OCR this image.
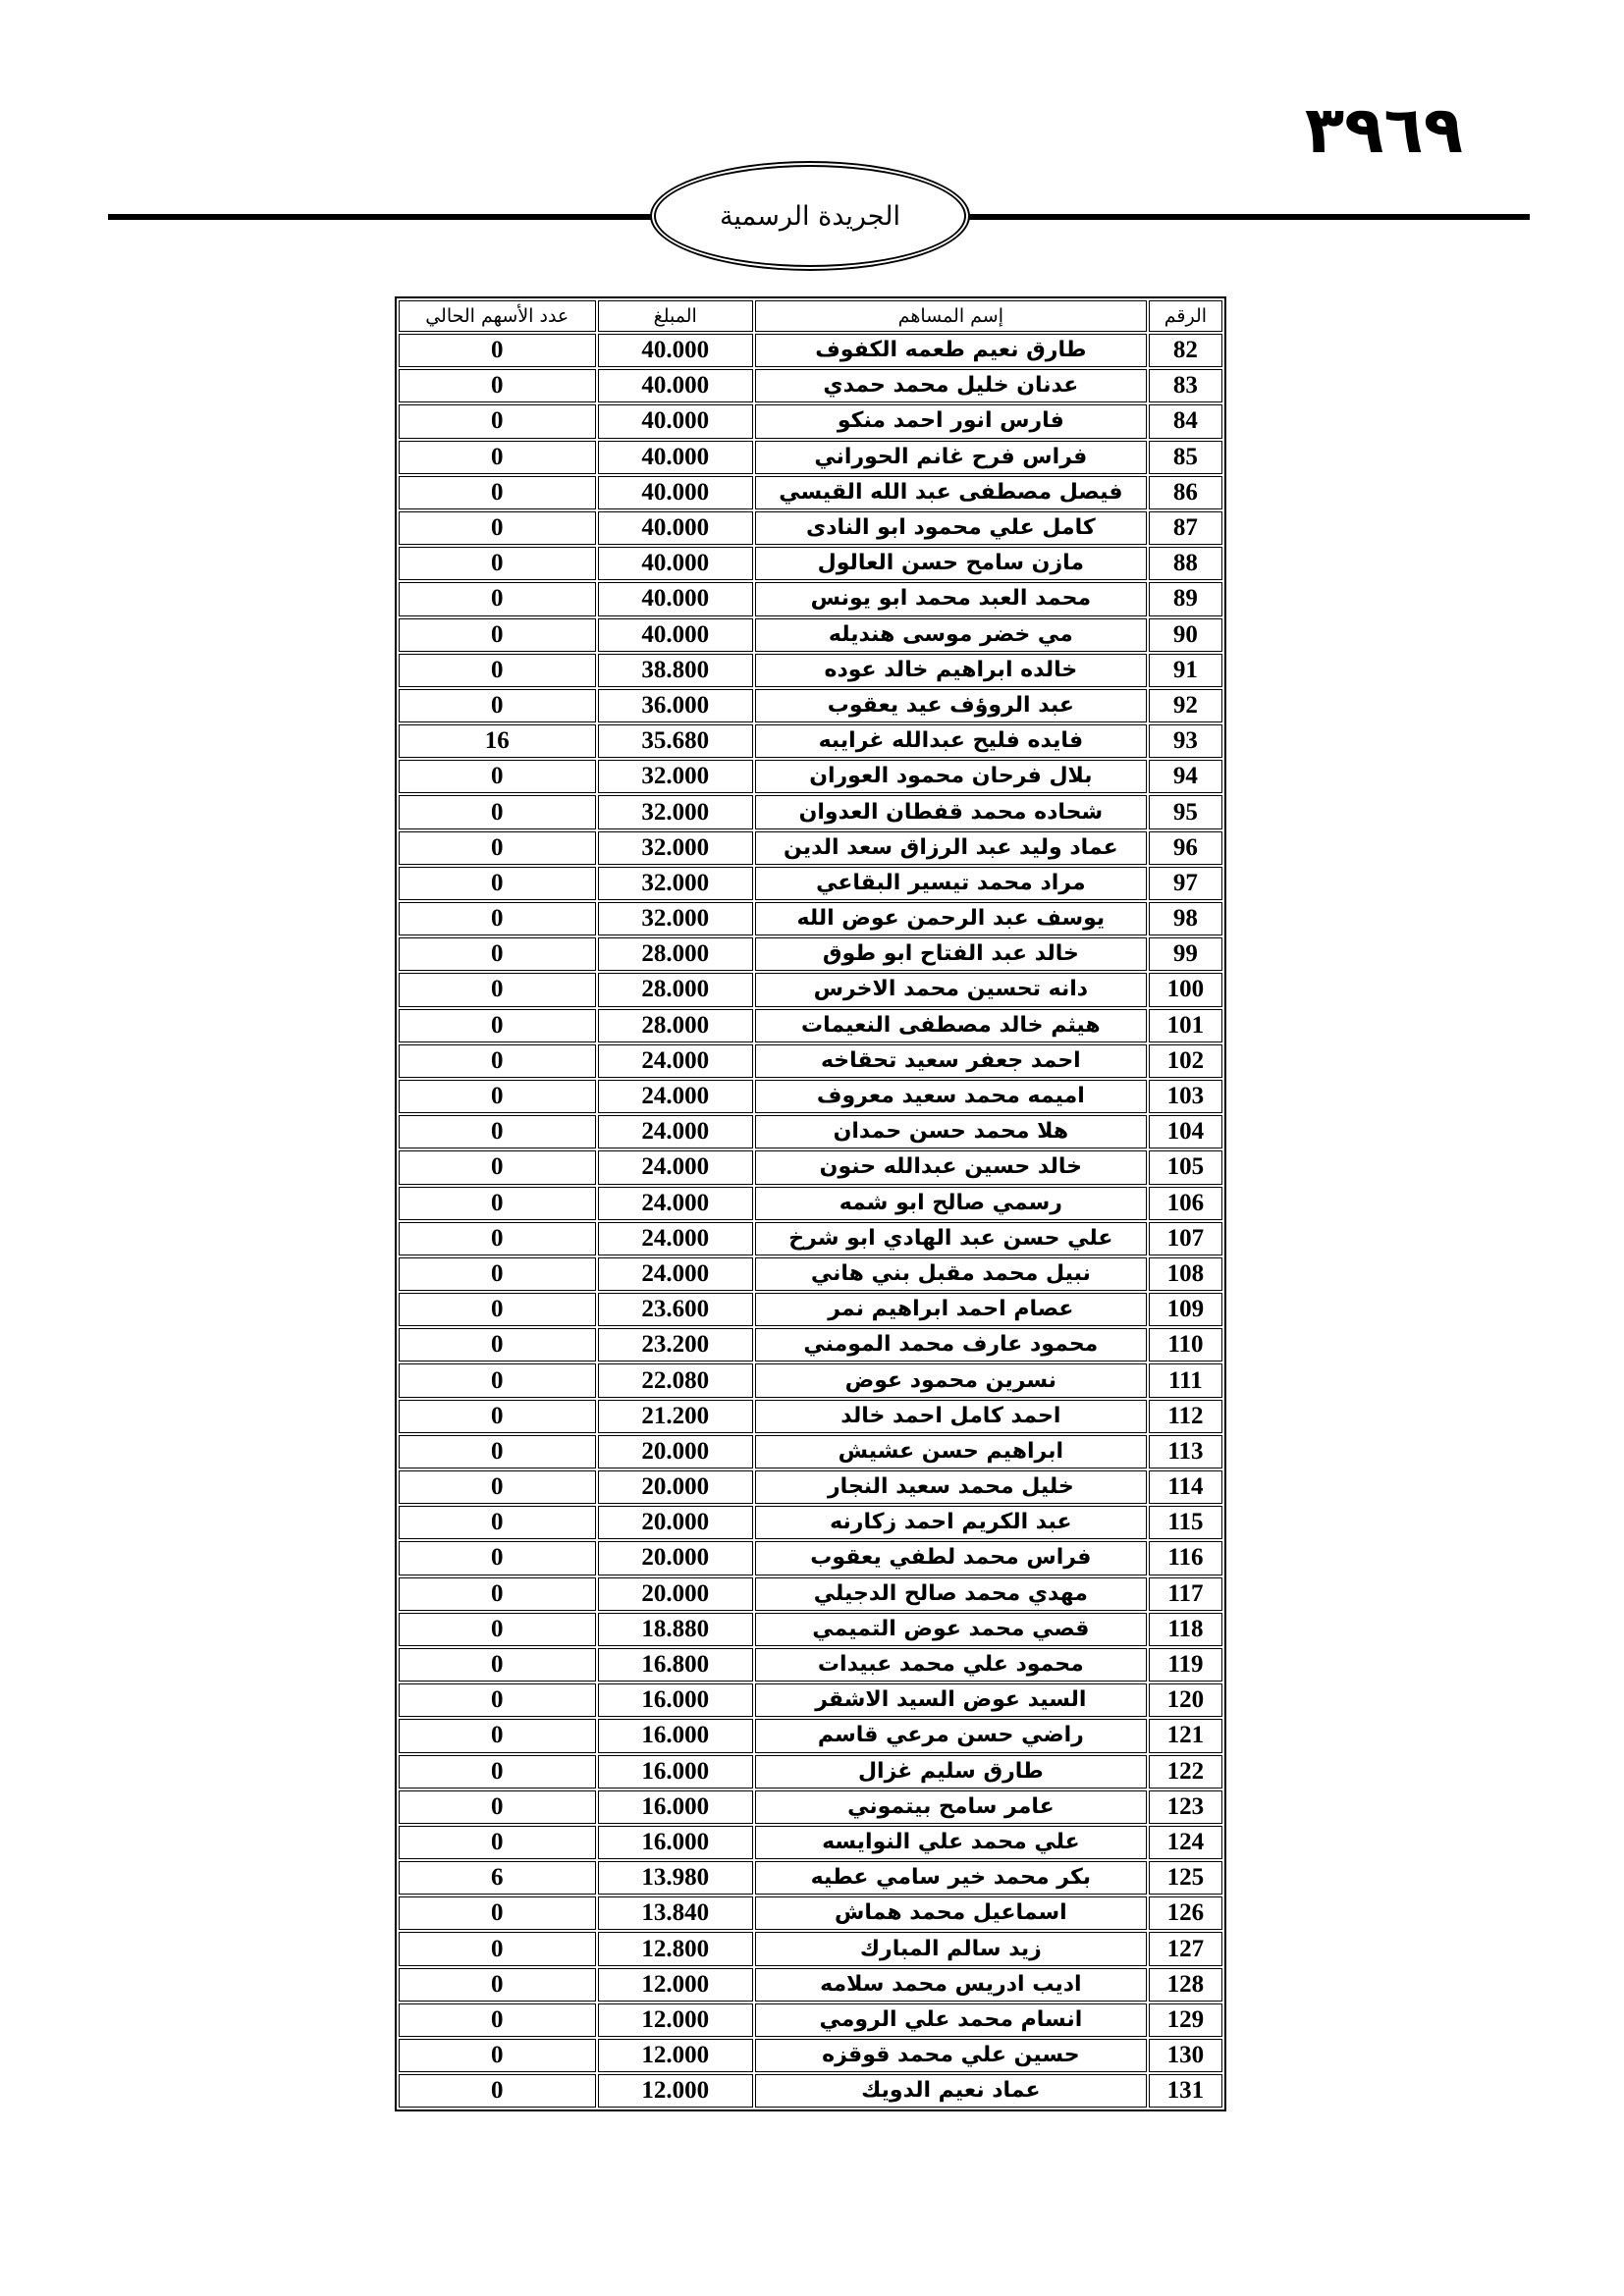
٣٩٦٩
الجريدة الرسمية
الرقم	إسم المساهم	المبلغ	عدد الأسهم الحالي
82	طارق نعيم طعمه الكفوف	40.000	0
83	عدنان خليل محمد حمدي	40.000	0
84	فارس انور احمد منكو	40.000	0
85	فراس فرح غانم الحوراني	40.000	0
86	فيصل مصطفى عبد الله القيسي	40.000	0
87	كامل علي محمود ابو النادى	40.000	0
88	مازن سامح حسن العالول	40.000	0
89	محمد العبد محمد ابو يونس	40.000	0
90	مي خضر موسى هنديله	40.000	0
91	خالده ابراهيم خالد عوده	38.800	0
92	عبد الروؤف عيد يعقوب	36.000	0
93	فايده فليح عبدالله غرايبه	35.680	16
94	بلال فرحان محمود العوران	32.000	0
95	شحاده محمد قفطان العدوان	32.000	0
96	عماد وليد عبد الرزاق سعد الدين	32.000	0
97	مراد محمد تيسير البقاعي	32.000	0
98	يوسف عبد الرحمن عوض الله	32.000	0
99	خالد عبد الفتاح ابو طوق	28.000	0
100	دانه تحسين محمد الاخرس	28.000	0
101	هيثم خالد مصطفى النعيمات	28.000	0
102	احمد جعفر سعيد تحقاخه	24.000	0
103	اميمه محمد سعيد معروف	24.000	0
104	هلا محمد حسن حمدان	24.000	0
105	خالد حسين عبدالله حنون	24.000	0
106	رسمي صالح ابو شمه	24.000	0
107	علي حسن عبد الهادي ابو شرخ	24.000	0
108	نبيل محمد مقبل بني هاني	24.000	0
109	عصام احمد ابراهيم نمر	23.600	0
110	محمود عارف محمد المومني	23.200	0
111	نسرين محمود عوض	22.080	0
112	احمد كامل احمد خالد	21.200	0
113	ابراهيم حسن عشيش	20.000	0
114	خليل محمد سعيد النجار	20.000	0
115	عبد الكريم احمد زكارنه	20.000	0
116	فراس محمد لطفي يعقوب	20.000	0
117	مهدي محمد صالح الدجيلي	20.000	0
118	قصي محمد عوض التميمي	18.880	0
119	محمود علي محمد عبيدات	16.800	0
120	السيد عوض السيد الاشقر	16.000	0
121	راضي حسن مرعي قاسم	16.000	0
122	طارق سليم غزال	16.000	0
123	عامر سامح بيتموني	16.000	0
124	علي محمد علي النوايسه	16.000	0
125	بكر محمد خير سامي عطيه	13.980	6
126	اسماعيل محمد هماش	13.840	0
127	زيد سالم المبارك	12.800	0
128	اديب ادريس محمد سلامه	12.000	0
129	انسام محمد علي الرومي	12.000	0
130	حسين علي محمد قوقزه	12.000	0
131	عماد نعيم الدويك	12.000	0
